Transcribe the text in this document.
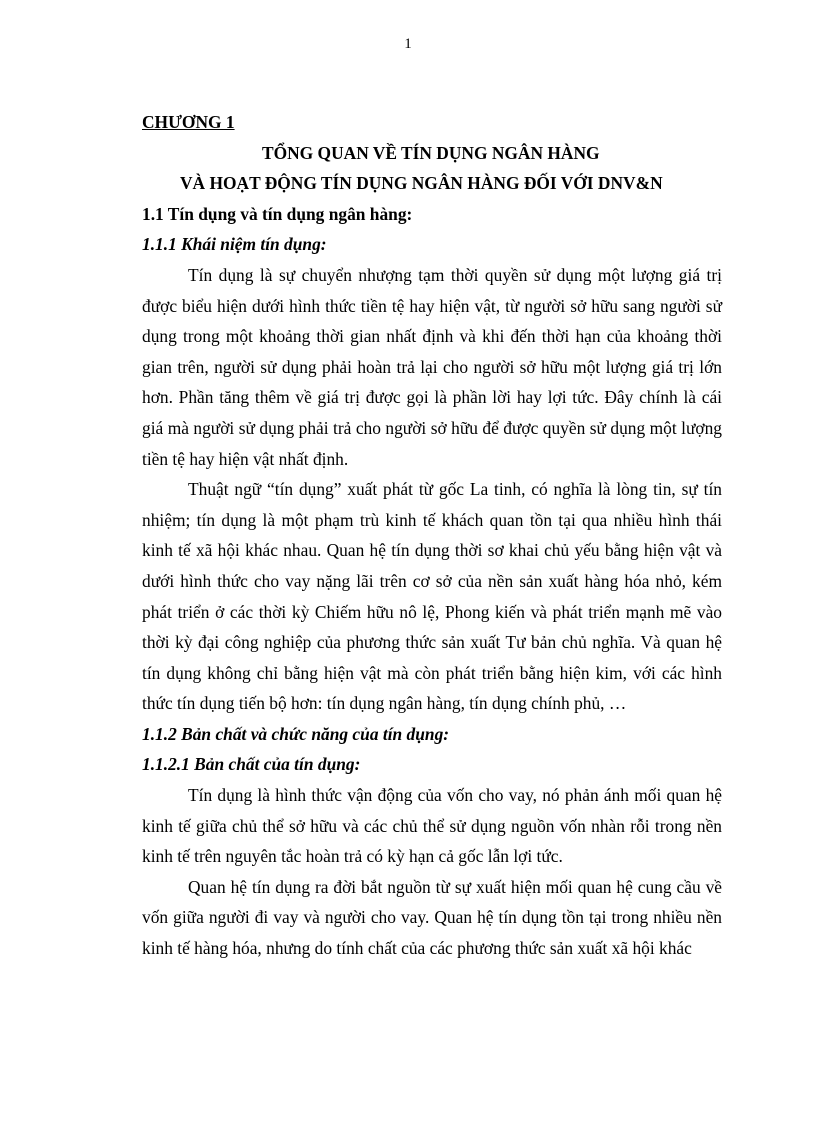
1

CHƯƠNG 1

TỔNG QUAN VỀ TÍN DỤNG NGÂN HÀNG

VÀ HOẠT ĐỘNG TÍN DỤNG NGÂN HÀNG ĐỐI VỚI DNV&N

1.1 Tín dụng và tín dụng ngân hàng:

1.1.1 Khái niệm tín dụng:

Tín dụng là sự chuyển nhượng tạm thời quyền sử dụng một lượng giá trị được biểu hiện dưới hình thức tiền tệ hay hiện vật, từ người sở hữu sang người sử dụng trong một khoảng thời gian nhất định và khi đến thời hạn của khoảng thời gian trên, người sử dụng phải hoàn trả lại cho người sở hữu một lượng giá trị lớn hơn. Phần tăng thêm về giá trị được gọi là phần lời hay lợi tức. Đây chính là cái giá mà người sử dụng phải trả cho người sở hữu để được quyền sử dụng một lượng tiền tệ hay hiện vật nhất định.

Thuật ngữ “tín dụng” xuất phát từ gốc La tinh, có nghĩa là lòng tin, sự tín nhiệm; tín dụng là một phạm trù kinh tế khách quan tồn tại qua nhiều hình thái kinh tế xã hội khác nhau. Quan hệ tín dụng thời sơ khai chủ yếu bằng hiện vật và dưới hình thức cho vay nặng lãi trên cơ sở của nền sản xuất hàng hóa nhỏ, kém phát triển ở các thời kỳ Chiếm hữu nô lệ, Phong kiến và phát triển mạnh mẽ vào thời kỳ đại công nghiệp của phương thức sản xuất Tư bản chủ nghĩa. Và quan hệ tín dụng không chỉ bằng hiện vật mà còn phát triển bằng hiện kim, với các hình thức tín dụng tiến bộ hơn: tín dụng ngân hàng, tín dụng chính phủ, …

1.1.2 Bản chất và chức năng của tín dụng:

1.1.2.1 Bản chất của tín dụng:

Tín dụng là hình thức vận động của vốn cho vay, nó phản ánh mối quan hệ kinh tế giữa chủ thể sở hữu và các chủ thể sử dụng nguồn vốn nhàn rỗi trong nền kinh tế trên nguyên tắc hoàn trả có kỳ hạn cả gốc lẫn lợi tức.

Quan hệ tín dụng ra đời bắt nguồn từ sự xuất hiện mối quan hệ cung cầu về vốn giữa người đi vay và người cho vay. Quan hệ tín dụng tồn tại trong nhiều nền kinh tế hàng hóa, nhưng do tính chất của các phương thức sản xuất xã hội khác
